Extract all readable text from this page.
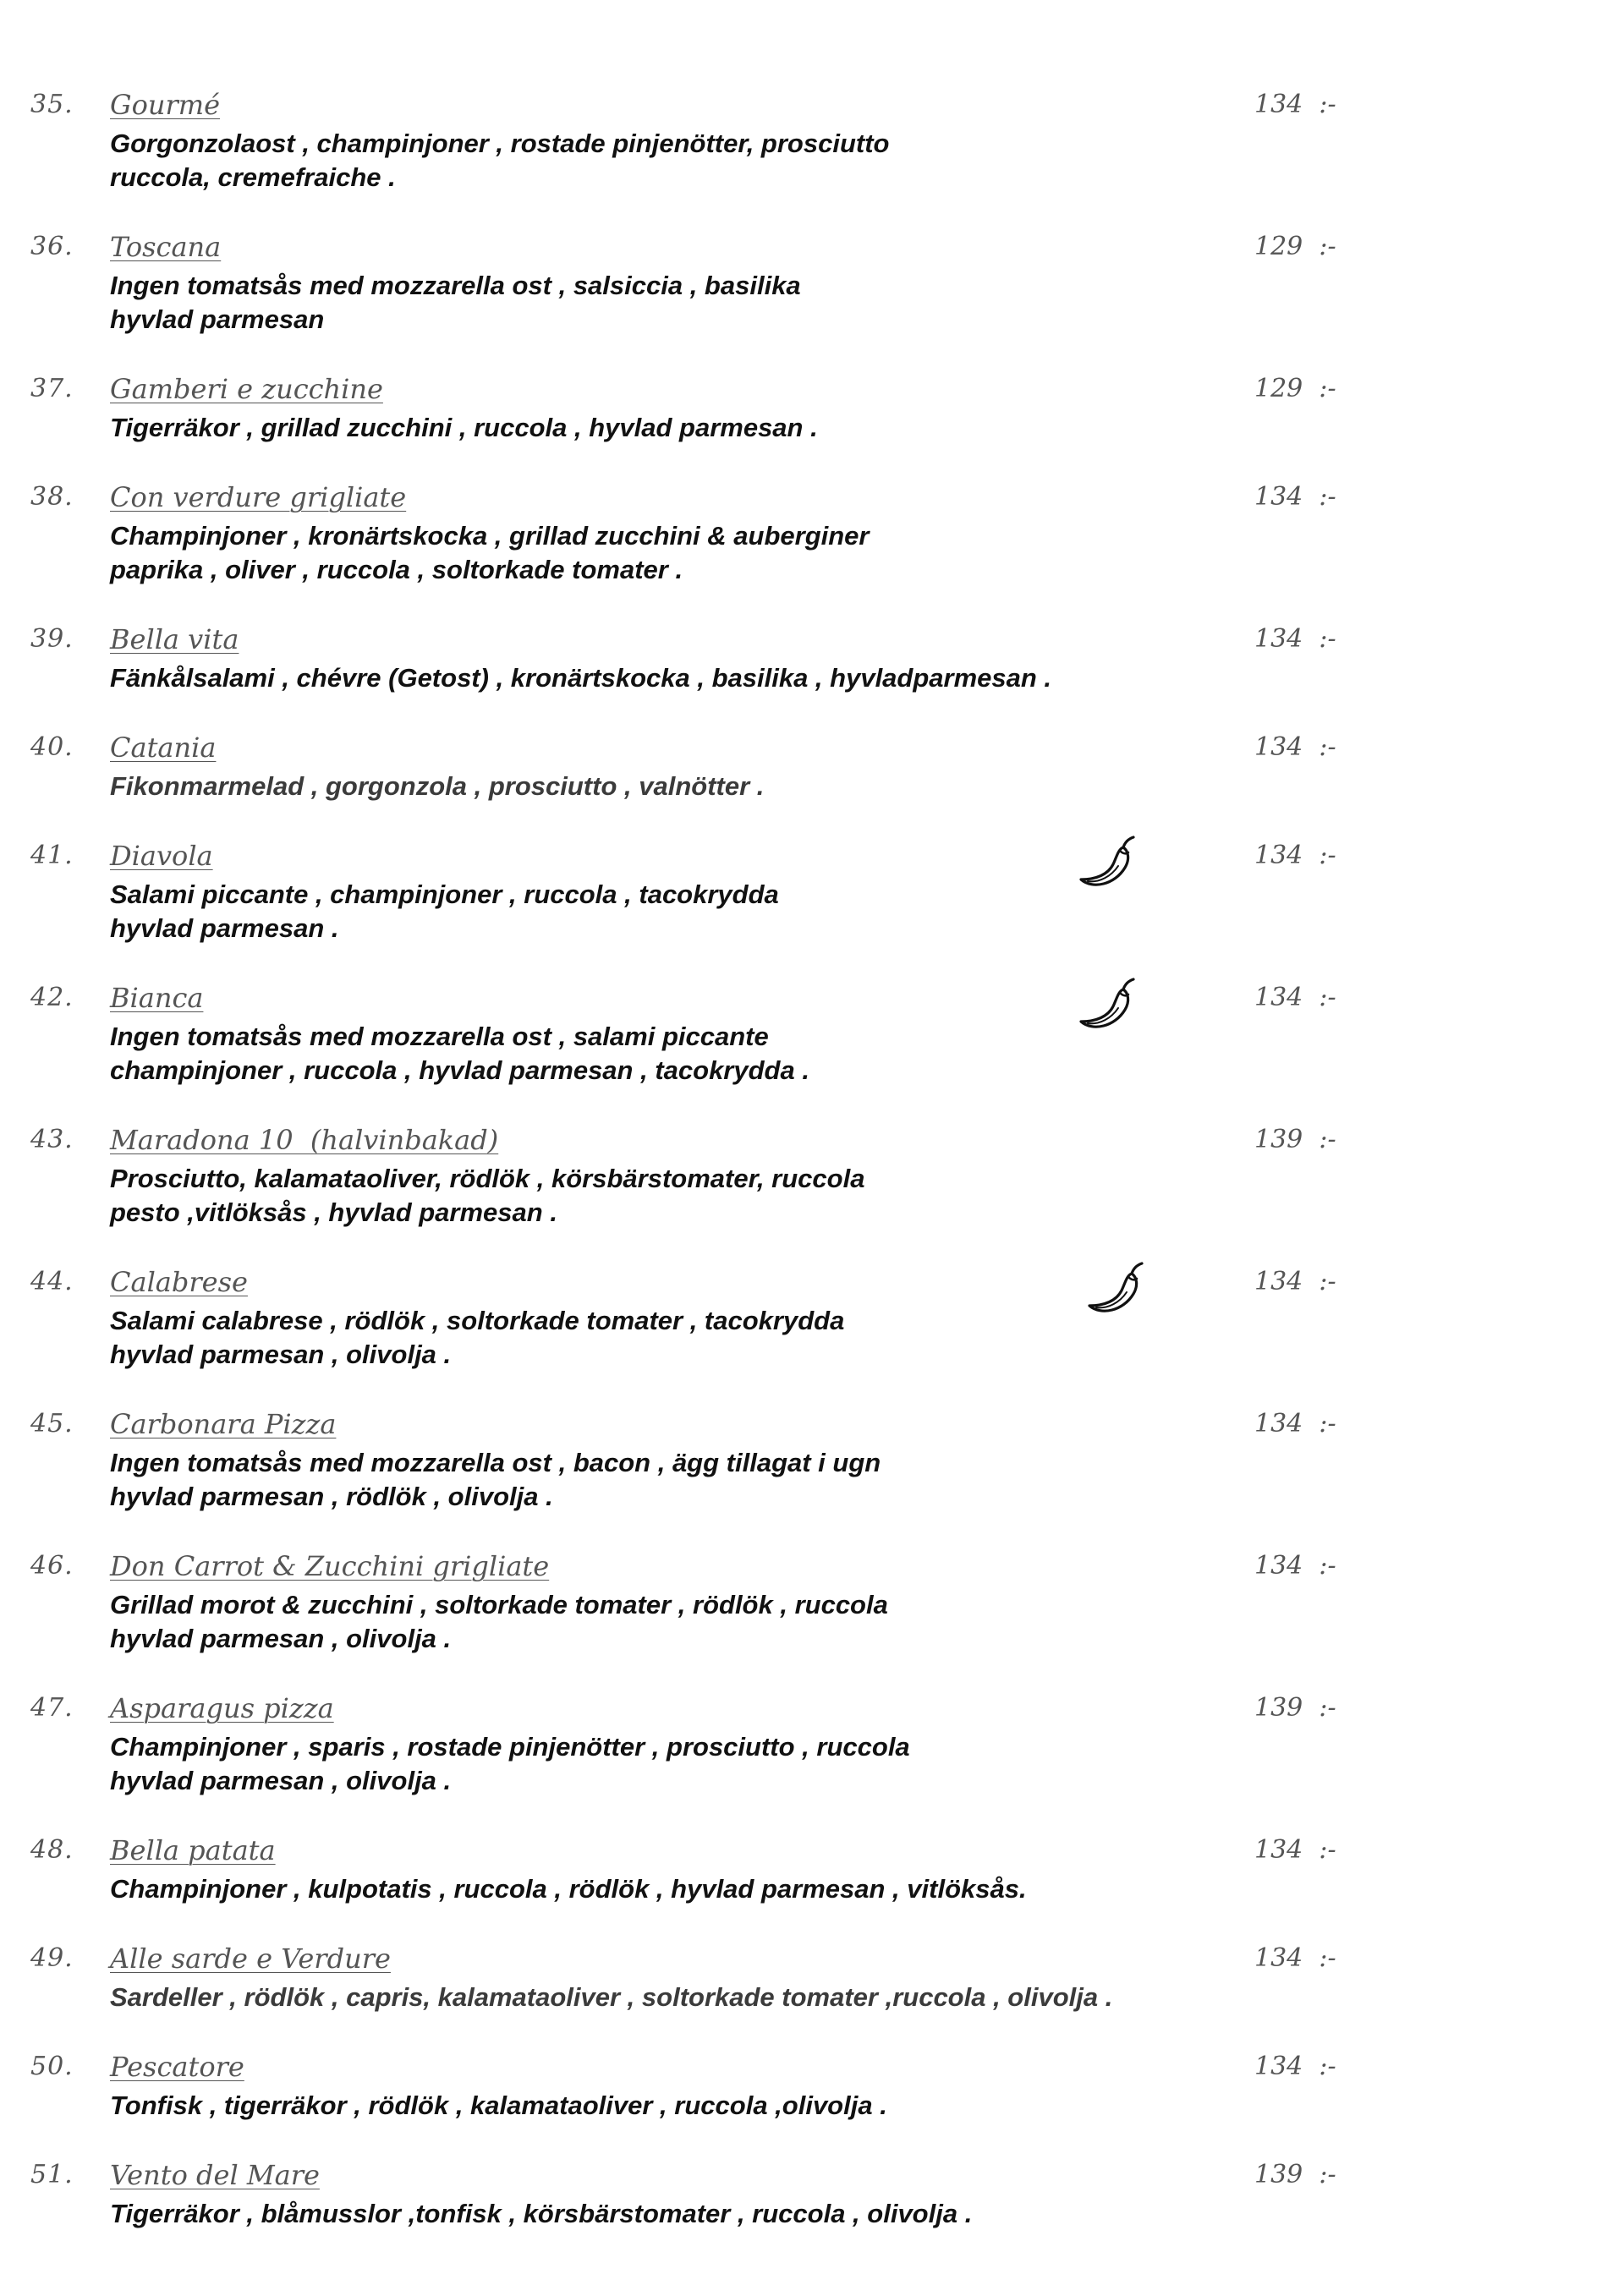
35. Gourmé	134  :-
Gorgonzolaost , champinjoner , rostade pinjenötter, prosciutto
ruccola, cremefraiche .
36. Toscana	129  :-
Ingen tomatsås med mozzarella ost , salsiccia , basilika
hyvlad parmesan
37. Gamberi e zucchine	129  :-
Tigerräkor , grillad zucchini , ruccola , hyvlad parmesan .
38. Con verdure grigliate	134  :-
Champinjoner , kronärtskocka , grillad zucchini & auberginer
paprika , oliver , ruccola , soltorkade tomater .
39. Bella vita	134  :-
Fänkålsalami , chévre (Getost) , kronärtskocka , basilika , hyvladparmesan .
40. Catania	134  :-
Fikonmarmelad , gorgonzola , prosciutto , valnötter .
41. Diavola	134  :-
Salami piccante , champinjoner , ruccola , tacokrydda
hyvlad parmesan .
42. Bianca	134  :-
Ingen tomatsås med mozzarella ost , salami piccante
champinjoner , ruccola , hyvlad parmesan , tacokrydda .
43. Maradona 10  (halvinbakad)	139  :-
Prosciutto, kalamataoliver, rödlök , körsbärstomater, ruccola
pesto ,vitlöksås , hyvlad parmesan .
44. Calabrese	134  :-
Salami calabrese , rödlök , soltorkade tomater , tacokrydda
hyvlad parmesan , olivolja .
45. Carbonara Pizza	134  :-
Ingen tomatsås med mozzarella ost , bacon , ägg tillagat i ugn
hyvlad parmesan , rödlök , olivolja .
46. Don Carrot & Zucchini grigliate	134  :-
Grillad morot & zucchini , soltorkade tomater , rödlök , ruccola
hyvlad parmesan , olivolja .
47. Asparagus pizza	139  :-
Champinjoner , sparis , rostade pinjenötter , prosciutto , ruccola
hyvlad parmesan , olivolja .
48. Bella patata	134  :-
Champinjoner , kulpotatis , ruccola , rödlök , hyvlad parmesan , vitlöksås.
49. Alle sarde e Verdure	134  :-
Sardeller , rödlök , capris, kalamataoliver , soltorkade tomater ,ruccola , olivolja .
50. Pescatore	134  :-
Tonfisk , tigerräkor , rödlök , kalamataoliver , ruccola ,olivolja .
51. Vento del Mare	139  :-
Tigerräkor , blåmusslor ,tonfisk , körsbärstomater , ruccola , olivolja .
